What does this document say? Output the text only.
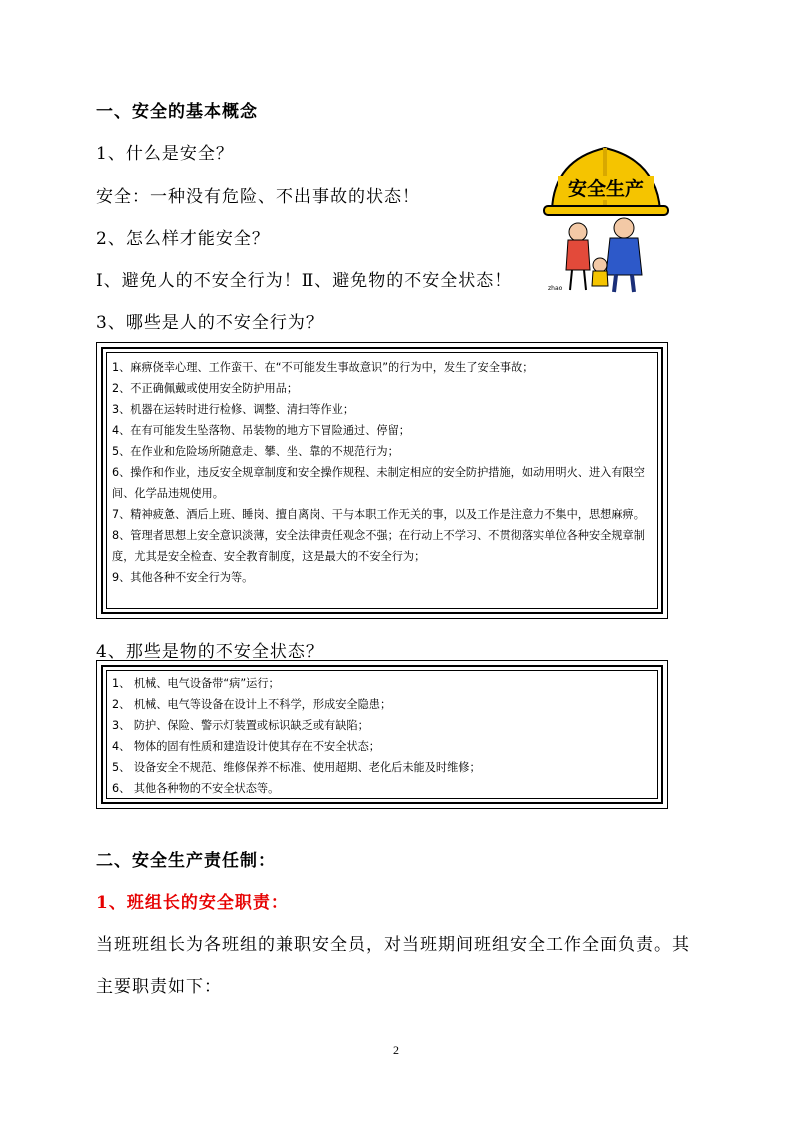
一、安全的基本概念
1、什么是安全？
安全：一种没有危险、不出事故的状态！
2、怎么样才能安全？
Ⅰ、避免人的不安全行为！Ⅱ、避免物的不安全状态！
3、哪些是人的不安全行为？
安全生产
zhao
1、麻痹侥幸心理、工作蛮干、在“不可能发生事故意识”的行为中，发生了安全事故；
2、不正确佩戴或使用安全防护用品；
3、机器在运转时进行检修、调整、清扫等作业；
4、在有可能发生坠落物、吊装物的地方下冒险通过、停留；
5、在作业和危险场所随意走、攀、坐、靠的不规范行为；
6、操作和作业，违反安全规章制度和安全操作规程、未制定相应的安全防护措施，如动用明火、进入有限空间、化学品违规使用。
7、精神疲惫、酒后上班、睡岗、擅自离岗、干与本职工作无关的事，以及工作是注意力不集中，思想麻痹。
8、管理者思想上安全意识淡薄，安全法律责任观念不强；在行动上不学习、不贯彻落实单位各种安全规章制度，尤其是安全检查、安全教育制度，这是最大的不安全行为；
9、其他各种不安全行为等。
4、那些是物的不安全状态？
1、 机械、电气设备带“病”运行；
2、 机械、电气等设备在设计上不科学，形成安全隐患；
3、 防护、保险、警示灯装置或标识缺乏或有缺陷；
4、 物体的固有性质和建造设计使其存在不安全状态；
5、 设备安全不规范、维修保养不标准、使用超期、老化后未能及时维修；
6、 其他各种物的不安全状态等。
二、安全生产责任制：
1、班组长的安全职责：
当班班组长为各班组的兼职安全员，对当班期间班组安全工作全面负责。其
主要职责如下：
2
